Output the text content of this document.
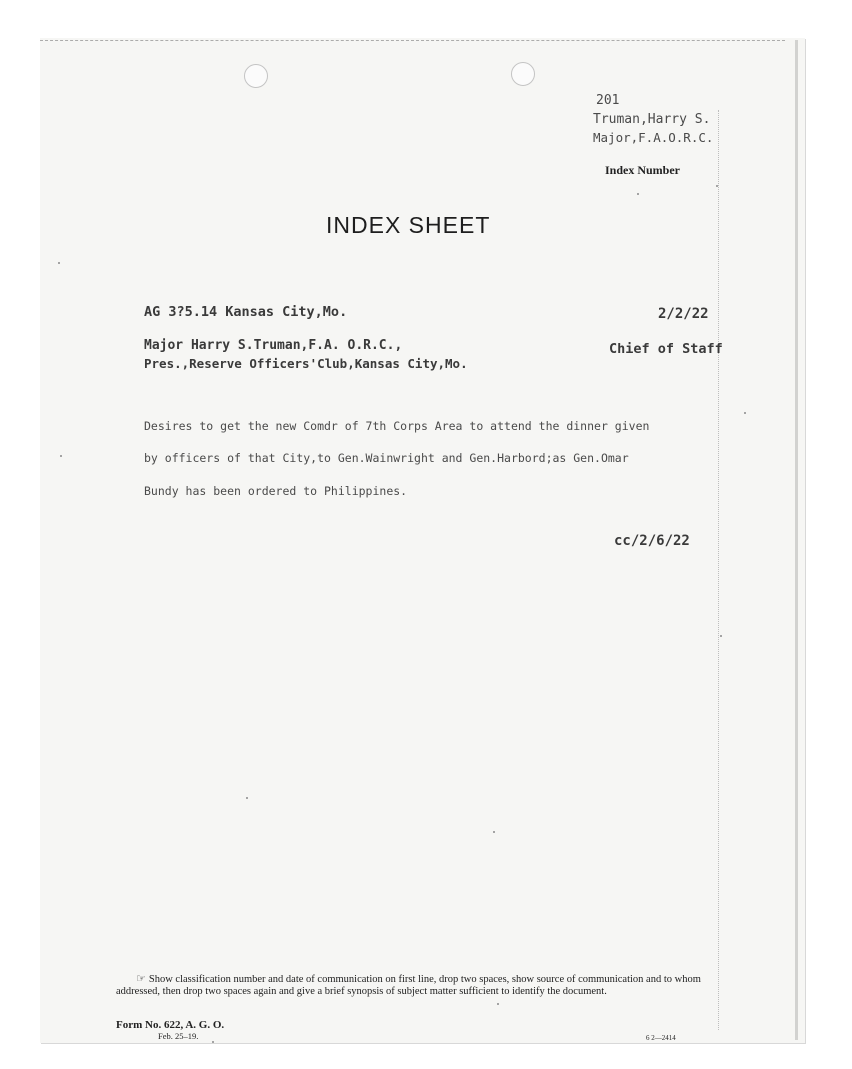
201
Truman,Harry S.
Major,F.A.O.R.C.
Index Number
INDEX SHEET
AG 3?5.14 Kansas City,Mo.	2/2/22
Major Harry S.Truman,F.A. O.R.C.,	Chief of Staff
Pres.,Reserve Officers'Club,Kansas City,Mo.
Desires to get the new Comdr of 7th Corps Area to attend the dinner given
by officers of that City,to Gen.Wainwright and Gen.Harbord;as Gen.Omar
Bundy has been ordered to Philippines.
cc/2/6/22
☞ Show classification number and date of communication on first line, drop two spaces, show source of communication and to whom addressed, then drop two spaces again and give a brief synopsis of subject matter sufficient to identify the document.
Form No. 622, A. G. O.
Feb. 25–19.	6 2—2414
